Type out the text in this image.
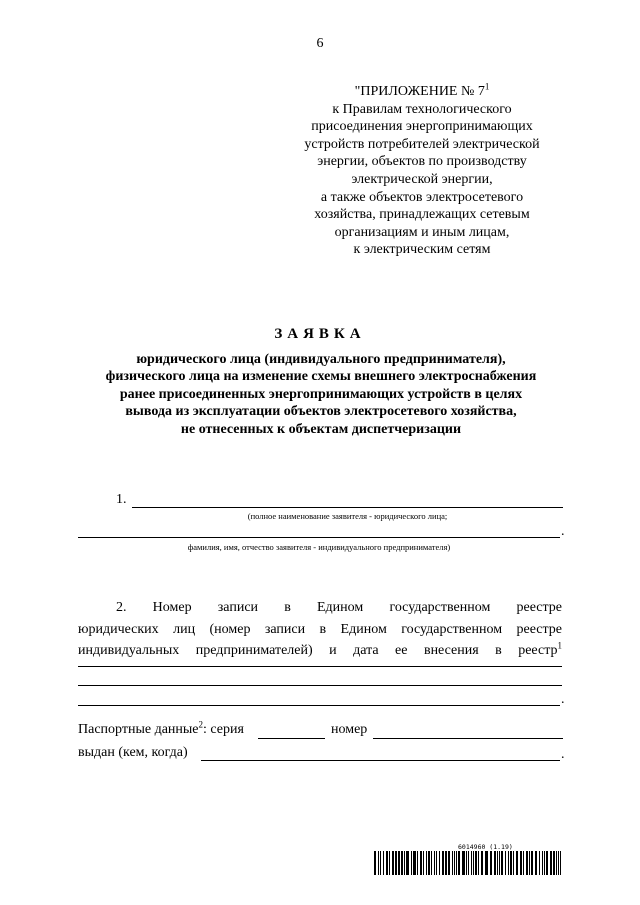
6
"ПРИЛОЖЕНИЕ № $7^1$
к Правилам технологического
присоединения энергопринимающих
устройств потребителей электрической
энергии, объектов по производству
электрической энергии,
а также объектов электросетевого
хозяйства, принадлежащих сетевым
организациям и иным лицам,
к электрическим сетям
ЗАЯВКА
юридического лица (индивидуального предпринимателя),
физического лица на изменение схемы внешнего электроснабжения
ранее присоединенных энергопринимающих устройств в целях
вывода из эксплуатации объектов электросетевого хозяйства,
не отнесенных к объектам диспетчеризации
1.
(полное наименование заявителя - юридического лица;
.
фамилия, имя, отчество заявителя - индивидуального предпринимателя)
2. Номер записи в Едином государственном реестре
юридических лиц (номер записи в Едином государственном реестре
индивидуальных предпринимателей) и дата ее внесения в реестр$^1$
.
Паспортные данные$^2$: серия	номер
выдан (кем, когда)	.
6014960 (1.19)
